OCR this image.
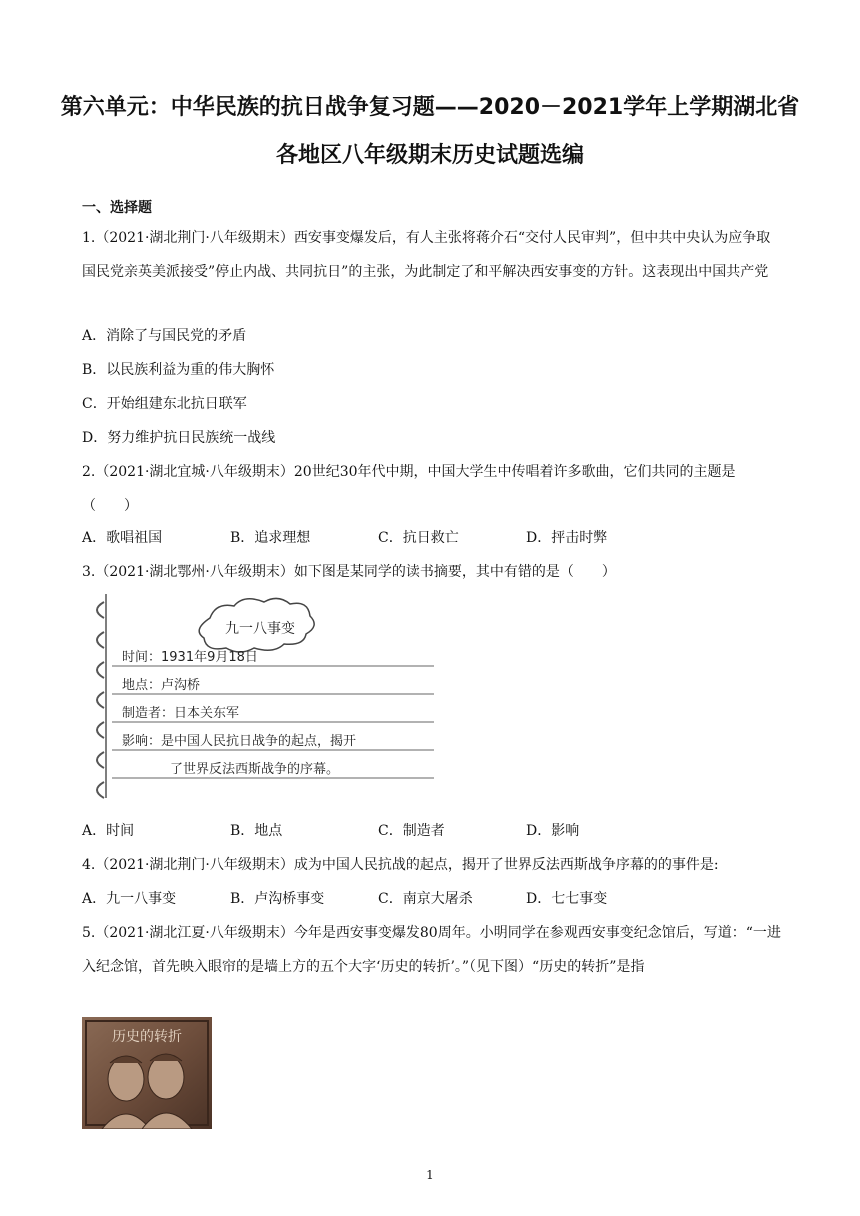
第六单元：中华民族的抗日战争复习题——2020－2021学年上学期湖北省
各地区八年级期末历史试题选编
一、选择题
1.（2021·湖北荆门·八年级期末）西安事变爆发后，有人主张将蒋介石“交付人民审判”，但中共中央认为应争取国民党亲英美派接受”停止内战、共同抗日”的主张，为此制定了和平解决西安事变的方针。这表现出中国共产党
A．消除了与国民党的矛盾
B．以民族利益为重的伟大胸怀
C．开始组建东北抗日联军
D．努力维护抗日民族统一战线
2.（2021·湖北宜城·八年级期末）20世纪30年代中期，中国大学生中传唱着许多歌曲，它们共同的主题是（　　）
A．歌唱祖国	B．追求理想	C．抗日救亡	D．抨击时弊
3.（2021·湖北鄂州·八年级期末）如下图是某同学的读书摘要，其中有错的是（　　）
九一八事变
时间：1931年9月18日
地点：卢沟桥
制造者：日本关东军
影响：是中国人民抗日战争的起点，揭开
了世界反法西斯战争的序幕。
A．时间	B．地点	C．制造者	D．影响
4.（2021·湖北荆门·八年级期末）成为中国人民抗战的起点，揭开了世界反法西斯战争序幕的的事件是:
A．九一八事变	B．卢沟桥事变	C．南京大屠杀	D．七七事变
5.（2021·湖北江夏·八年级期末）今年是西安事变爆发80周年。小明同学在参观西安事变纪念馆后，写道：“一进入纪念馆，首先映入眼帘的是墙上方的五个大字‘历史的转折’。”（见下图）“历史的转折”是指
历史的转折
1
